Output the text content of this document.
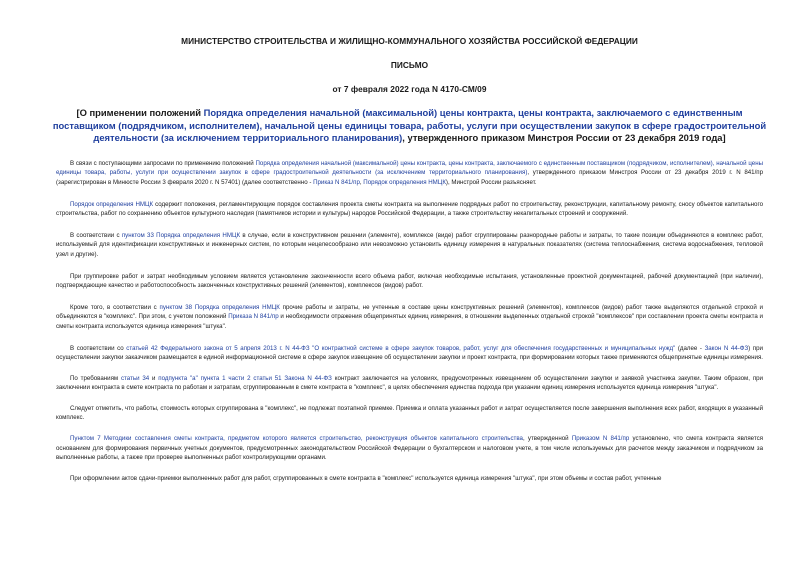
МИНИСТЕРСТВО СТРОИТЕЛЬСТВА И ЖИЛИЩНО-КОММУНАЛЬНОГО ХОЗЯЙСТВА РОССИЙСКОЙ ФЕДЕРАЦИИ
ПИСЬМО
от 7 февраля 2022 года N 4170-СМ/09
[О применении положений Порядка определения начальной (максимальной) цены контракта, цены контракта, заключаемого с единственным поставщиком (подрядчиком, исполнителем), начальной цены единицы товара, работы, услуги при осуществлении закупок в сфере градостроительной деятельности (за исключением территориального планирования), утвержденного приказом Минстроя России от 23 декабря 2019 года]

В связи с поступающими запросами по применению положений Порядка определения начальной (максимальной) цены контракта, цены контракта, заключаемого с единственным поставщиком (подрядчиком, исполнителем), начальной цены единицы товара, работы, услуги при осуществлении закупок в сфере градостроительной деятельности (за исключением территориального планирования), утвержденного приказом Минстроя России от 23 декабря 2019 г. N 841/пр (зарегистрирован в Минюсте России 3 февраля 2020 г. N 57401) (далее соответственно - Приказ N 841/пр, Порядок определения НМЦК), Минстрой России разъясняет.

Порядок определения НМЦК содержит положения, регламентирующие порядок составления проекта сметы контракта на выполнение подрядных работ по строительству, реконструкции, капитальному ремонту, сносу объектов капитального строительства, работ по сохранению объектов культурного наследия (памятников истории и культуры) народов Российской Федерации, а также строительству некапитальных строений и сооружений.

В соответствии с пунктом 33 Порядка определения НМЦК в случае, если в конструктивном решении (элементе), комплексе (виде) работ сгруппированы разнородные работы и затраты, то такие позиции объединяются в комплекс работ, используемый для идентификации конструктивных и инженерных систем, по которым нецелесообразно или невозможно установить единицу измерения в натуральных показателях (система теплоснабжения, система водоснабжения, тепловой узел и другие).

При группировке работ и затрат необходимым условием является установление законченности всего объема работ, включая необходимые испытания, установленные проектной документацией, рабочей документацией (при наличии), подтверждающие качество и работоспособность законченных конструктивных решений (элементов), комплексов (видов) работ.

Кроме того, в соответствии с пунктом 38 Порядка определения НМЦК прочие работы и затраты, не учтенные в составе цены конструктивных решений (элементов), комплексов (видов) работ также выделяются отдельной строкой и объединяются в "комплекс". При этом, с учетом положений Приказа N 841/пр и необходимости отражения общепринятых единиц измерения, в отношении выделенных отдельной строкой "комплексов" при составлении проекта сметы контракта и сметы контракта используется единица измерения "штука".

В соответствии со статьей 42 Федерального закона от 5 апреля 2013 г. N 44-ФЗ "О контрактной системе в сфере закупок товаров, работ, услуг для обеспечения государственных и муниципальных нужд" (далее - Закон N 44-ФЗ) при осуществлении закупки заказчиком размещается в единой информационной системе в сфере закупок извещение об осуществлении закупки и проект контракта, при формировании которых также применяются общепринятые единицы измерения.

По требованиям статьи 34 и подпункта "а" пункта 1 части 2 статьи 51 Закона N 44-ФЗ контракт заключается на условиях, предусмотренных извещением об осуществлении закупки и заявкой участника закупки. Таким образом, при заключении контракта в смете контракта по работам и затратам, сгруппированным в смете контракта в "комплекс", в целях обеспечения единства подхода при указании единиц измерения используется единица измерения "штука".

Следует отметить, что работы, стоимость которых сгруппирована в "комплекс", не подлежат поэтапной приемке. Приемка и оплата указанных работ и затрат осуществляется после завершения выполнения всех работ, входящих в указанный комплекс.

Пунктом 7 Методики составления сметы контракта, предметом которого является строительство, реконструкция объектов капитального строительства, утвержденной Приказом N 841/пр установлено, что смета контракта является основанием для формирования первичных учетных документов, предусмотренных законодательством Российской Федерации о бухгалтерском и налоговом учете, в том числе используемых для расчетов между заказчиком и подрядчиком за выполненные работы, а также при проверке выполненных работ контролирующими органами.

При оформлении актов сдачи-приемки выполненных работ для работ, сгруппированных в смете контракта в "комплекс" используется единица измерения "штука", при этом объемы и состав работ, учтенные
